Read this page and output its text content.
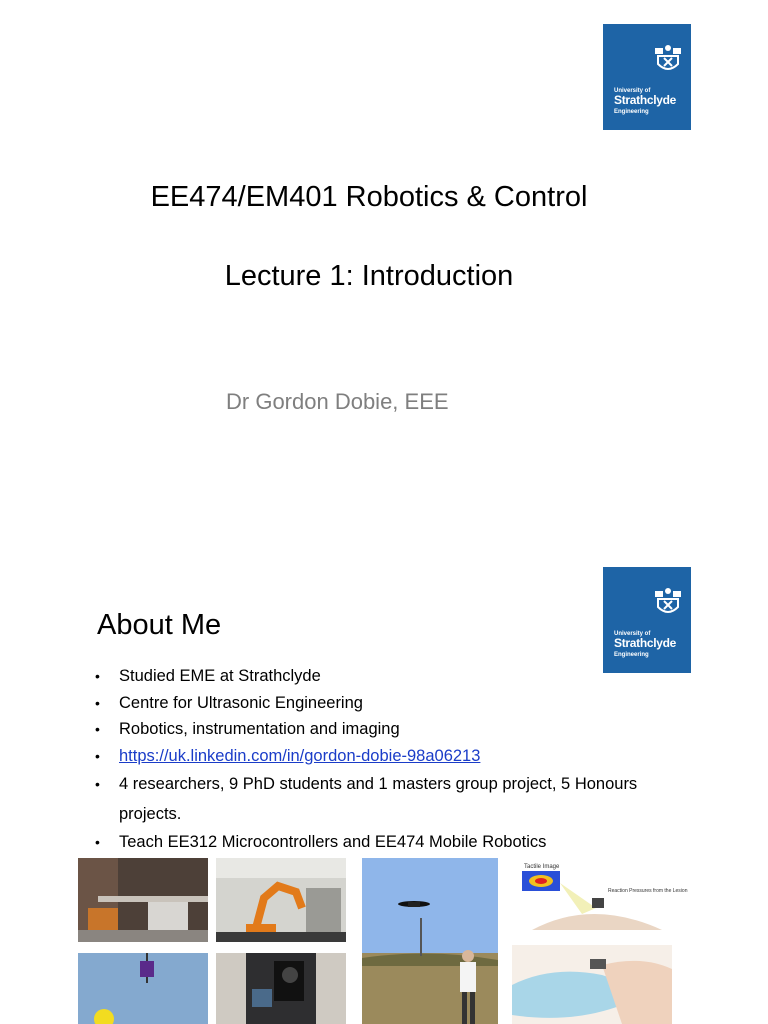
University of
Strathclyde
Engineering
EE474/EM401 Robotics & Control
Lecture 1: Introduction
Dr Gordon Dobie, EEE
University of
Strathclyde
Engineering
About Me
• Studied EME at Strathclyde
• Centre for Ultrasonic Engineering
• Robotics, instrumentation and imaging
• https://uk.linkedin.com/in/gordon-dobie-98a06213
• 4 researchers, 9 PhD students and 1 masters group project, 5 Honours projects.
• Teach EE312 Microcontrollers and EE474 Mobile Robotics
Tactile Image
Reaction Pressures from the Lesion
